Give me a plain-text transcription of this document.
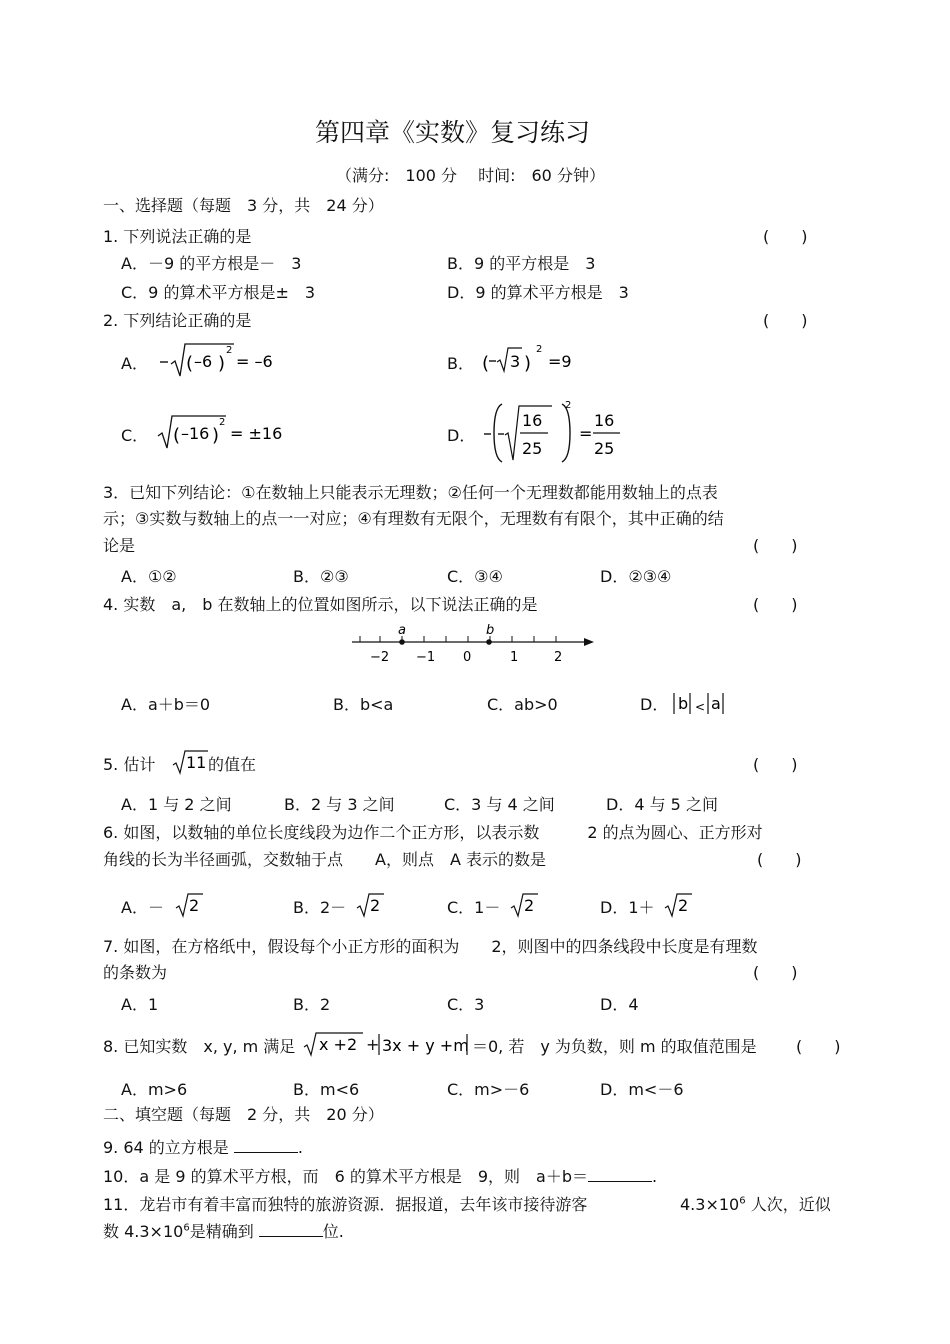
第四章《实数》复习练习
（满分:　100 分　 时间:　60 分钟）
一、选择题（每题　3 分，共　24 分）
1. 下列说法正确的是	(　　)
A．－9 的平方根是－　3	B．9 的平方根是　3
C．9 的算术平方根是±　3	D．9 的算术平方根是　3
2. 下列结论正确的是	(　　)
A． ( –6 )
2
= –6	B． ( 3 )
2
=9
C． ( –16 )
2
= ±16	D．
16
25
2
=
16
25
3．已知下列结论：①在数轴上只能表示无理数；②任何一个无理数都能用数轴上的点表
示；③实数与数轴上的点一一对应；④有理数有无限个，无理数有有限个，其中正确的结
论是	(　　)
A．①②	B．②③	C．③④	D．②③④
4. 实数　a,　b 在数轴上的位置如图所示，以下说法正确的是	(　　)
a	b
−2 −1 0	1	2
A．a＋b＝0	B．b<a	C．ab>0	D． b < a
5. 估计 11 的值在	(　　)
A．1 与 2 之间	B．2 与 3 之间	C．3 与 4 之间	D．4 与 5 之间
6. 如图，以数轴的单位长度线段为边作二个正方形，以表示数　　　2 的点为圆心、正方形对
角线的长为半径画弧，交数轴于点　　A，则点　A 表示的数是	(　　)
A．－ 2	B．2－ 2	C．1－ 2	D．1＋ 2
7. 如图，在方格纸中，假设每个小正方形的面积为　　2，则图中的四条线段中长度是有理数
的条数为	(　　)
A．1	B．2	C．3	D．4
8. 已知实数　x, y, m 满足 x +2 + 3x + y +m ＝0, 若　y 为负数，则 m 的取值范围是 (　　)
A．m>6	B．m<6	C．m>－6	D．m<－6
二、填空题（每题　2 分，共　20 分）
9. 64 的立方根是	.
10．a 是 9 的算术平方根，而　6 的算术平方根是　9，则　a＋b＝	.
11．龙岩市有着丰富而独特的旅游资源．据报道，去年该市接待游客	$4.3\times 10^6$ 人次，近似
数 $4.3\times 10^6$是精确到	位.
